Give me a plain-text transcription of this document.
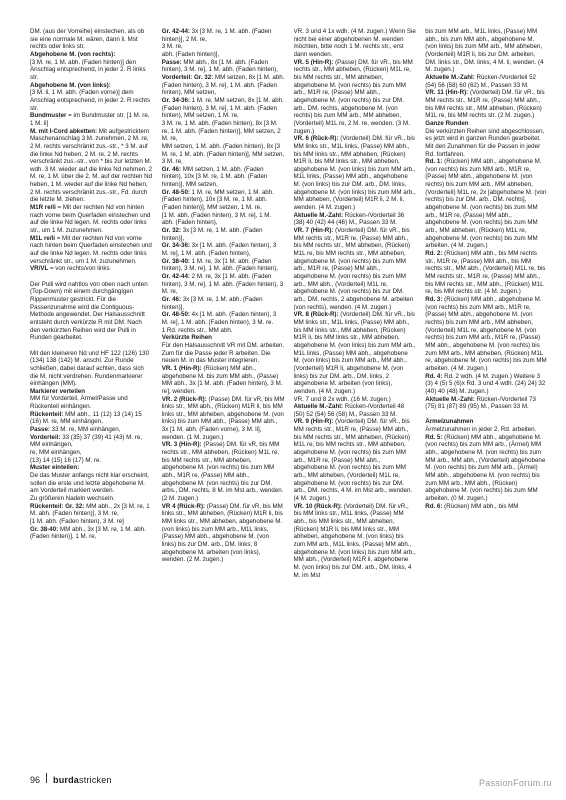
DM. (aus der Vorreihe) einstechen, als ob sie eine normale M. wären, dann li. Mst rechts oder links str.

Abgehobene M. (von rechts):

[3 M. re, 1 M. abh. (Faden hinten)] den Anschlag entsprechend, in jeder 2. R links str.

Abgehobene M. (von links):

[3 M. li, 1 M. abh. (Faden vorne)] dem Anschlag entsprechend, in jeder 2. R rechts str.

Bundmuster = im Bundmuster str. [1 M. re, 1 M. li]

M. mit I-Cord abketten: Mit aufgestricktem Maschenanschlag 3 M. zunehmen, 2 M. re, 2 M. rechts verschränkt zus.-str., * 3 M. auf die linke Nd heben, 2 M. re, 2 M. rechts verschränkt zus.-str., von * bis zur letzten M. wdh. 3 M. wieder auf die linke Nd nehmen, 2 M. re, 1 M. über die 2. M. auf der rechten Nd heben, 1 M. wieder auf die linke Nd heben, 2 M. rechts verschränkt zus.-str., Fd. durch die letzte M. ziehen.

M1R re/li = Mit der rechten Nd von hinten nach vorne beim Querfaden einstechen und auf die linke Nd legen. M. rechts oder links str., um 1 M. zuzunehmen.

M1L re/li = Mit der rechten Nd von vorne nach hinten beim Querfaden einstechen und auf die linke Nd legen. M. rechts oder links verschränkt str., um 1 M. zuzunehmen.

VR/VL = von rechts/von links

Der Pulli wird nahtlos von oben nach unten (Top-Down) mit einem durchgängigen Rippenmuster gestrickt. Für die Passenzunahme wird die Contiguous-Methode angewendet. Der Halsausschnitt entsteht durch verkürzte R mit DM. Nach den verkürzten Reihen wird der Pulli in Runden gearbeitet.

Mit den kleineren Nd und HF 122 (126) 130 (134) 138 (142) M. anschl. Zur Runde schließen, dabei darauf achten, dass sich die M. nicht verdrehen. Rundenmarkierer einhängen (MM).

Markierer verteilen

MM für Vorderteil, Ärmel/Passe und Rückenteil einhängen.

Rückenteil: MM abh., 11 (12) 13 (14) 15 (16) M. re, MM einhängen,

Passe: 33 M. re, MM einhängen,

Vorderteil: 33 (35) 37 (39) 41 (43) M. re, MM einhängen,

re, MM einhängen,

(13) 14 (15) 16 (17) M. re.

Muster einteilen:

De das Muster anfangs nicht klar erscheint, sollen die erste und letzte abgehobene M. am Vorderteil markiert werden.

Zu größeren Nadeln wechseln.

Rückenteil: Gr. 32: MM abh., 2x [3 M. re, 1 M. abh. (Faden hinten)], 3 M. re,

[1 M. abh. (Faden hinten), 3 M. re]

Gr. 38-40: MM abh., 3x [3 M. re, 1 M. abh. (Faden hinten)], 1 M. re,

Gr. 42-44: 3x [3 M. re, 1 M. abh. (Faden hinten)], 2 M. re,

3 M. re,

abh. (Faden hinten)],

Passe: MM abh., 8x [1 M. abh. (Faden hinten), 3 M. re], 1 M. abh. (Faden hinten),

Vorderteil: Gr. 32: MM setzen, 8x [1 M. abh. (Faden hinten), 3 M. re], 1 M. abh. (Faden hinten), MM setzen,

Gr. 34-36: 1 M. re, MM setzen, 8x [1 M. abh. (Faden hinten), 3 M. re], 1 M. abh. (Faden hinten), MM setzen, 1 M. re,

3 M. re, 1 M. abh. (Faden hinten), 8x [3 M. re, 1 M. abh. (Faden hinten)], MM setzen, 2 M. re,

MM setzen, 1 M. abh. (Faden hinten), 8x [3 M. re, 1 M. abh. (Faden hinten)], MM setzen, 3 M. re,

Gr. 46: MM setzen, 1 M. abh. (Faden hinten), 10x [3 M. re, 1 M. abh. (Faden hinten)], MM setzen,

Gr. 48-50: 1 M. re, MM setzen, 1 M. abh. (Faden hinten), 10x [3 M. re, 1 M. abh. (Faden hinten)], MM setzen, 1 M. re,

[1 M. abh. (Faden hinten), 3 M. re], 1 M. abh. (Faden hinten),

Gr. 32: 3x [3 M. re, 1 M. abh. (Faden hinten)],

Gr. 34-36: 3x [1 M. abh. (Faden hinten), 3 M. re], 1 M. abh. (Faden hinten),

Gr. 38-40: 1 M. re, 3x [1 M. abh. (Faden hinten), 3 M. re], 1 M. abh. (Faden hinten),

Gr. 42-44: 2 M. re, 3x [1 M. abh. (Faden hinten), 3 M. re], 1 M. abh. (Faden hinten), 3 M. re,

Gr. 46: 3x [3 M. re, 1 M. abh. (Faden hinten)],

Gr. 48-50: 4x [1 M. abh. (Faden hinten), 3 M. re], 1 M. abh. (Faden hinten), 3 M. re.

1 Rd. rechts str., MM abh.

Verkürzte Reihen

Für den Halsausschnitt VR mit DM. arbeiten. Zum für die Passe jeder R arbeiten. Die neuen M. in das Muster integrieren.

VR. 1 (Hin-R): (Rücken) MM abh., abgehobene M. bis zum MM abh., (Passe) MM abh., 3x [1 M. abh. (Faden hinten), 3 M. re], wenden.

VR. 2 (Rück-R): (Passe) DM. für vR, bis MM links str., MM abh., (Rücken) M1R li, bis MM links str., MM abheben, abgehobene M. (von links) bis zum MM abh., (Passe) MM abh., 3x [1 M. abh. (Faden vorne), 3 M. li], wenden. (1 M. zugen.)

VR. 3 (Hin-R): (Passe) DM. für vR, bis MM rechts str., MM abheben, (Rücken) M1L re, bis MM rechts str., MM abheben, abgehobene M. (von rechts) bis zum MM abh., M1R re, (Passe) MM abh., abgehobene M. (von rechts) bis zur DM. arbs., DM. rechts, 8 M. im Mst arb., wenden. (2 M. zugen.)

VR 4 (Rück-R): (Passe) DM. für vR, bis MM links str., MM abheben, (Rücken) M1R li, bis MM links str., MM abheben, abgehobene M. (von links) bis zum MM arb., M1L links, (Passe) MM abh., abgehobene M. (von links) bis zur DM. arb., DM. links, 8 abgehobene M. arbeiten (von links), wenden. (2 M. zugen.)

VR. 3 und 4 1x wdh. (4 M. zugen.) Wenn Sie nicht bei einer abgehobenen M. wenden möchten, bitte noch 1 M. rechts str., erst dann wenden.

VR. 5 (Hin-R): (Passe) DM. für vR., bis MM rechts str., MM abheben, (Rücken) M1L re, bis MM rechts str., MM abheben, abgehobene M. (von rechts) bis zum MM arb., M1R re, (Passe) MM abh., abgehobene M. (von rechts) bis zur DM. arb., DM. rechts, abgehobene M. (von rechts) bis zum MM arb., MM abheben, (Vorderteil) M1L re, 2 M. re, wenden. (3 M. zugen.)

VR. 6 (Rück-R): (Vorderteil) DM. für vR., bis MM links str., M1L links, (Passe) MM abh., bis MM links str., MM abheben, (Rücken) M1R li, bis MM links str., MM abheben, abgehobene M. (von links) bis zum MM arb., M1L links, (Passe) MM abh., abgehobene M. (von links) bis zur DM. arb., DM. links, abgehobene M. (von links) bis zum MM arb., MM abheben, (Vorderteil) M1R li, 2 M. li, wenden. (4 M. zugen.)

Aktuelle M.-Zahl: Rücken-/Vorderteil 36 (38) 40 (42) 44 (46) M., Passen 33 M.

VR. 7 (Hin-R): (Vorderteil) DM. für vR., bis MM rechts str., M1R re, (Passe) MM abh., bis MM rechts str., MM abheben, (Rücken) M1L re, bis MM rechts str., MM abheben, abgehobene M. (von rechts) bis zum MM arb., M1R re, (Passe) MM abh., abgehobene M. (von rechts) bis zum MM arb., MM abh., (Vorderteil) M1L re, abgehobene M. (von rechts) bis zur DM. arb., DM. rechts, 2 abgehobene M. arbeiten (von rechts), wenden. (4 M. zugen.)

VR. 8 (Rück-R): (Vorderteil) DM. für vR., bis MM links str., M1L links, (Passe) MM abh., bis MM links str., MM abheben, (Rücken) M1R li, bis MM links str., MM abheben, abgehobene M. (von links) bis zum MM arb., M1L links, (Passe) MM abh., abgehobene M. (von links) bis zum MM arb., MM abh., (Vorderteil) M1R li, abgehobene M. (von links) bis zur DM. arb., DM. links, 2 abgehobene M. arbeiten (von links), wenden. (4 M. zugen.)

VR. 7 und 8 2x wdh. (16 M. zugen.)

Aktuelle M.-Zahl: Rücken-/Vorderteil 48 (50) 52 (54) 56 (58) M., Passen 33 M.

VR. 9 (Hin-R): (Vorderteil) DM. für vR., bis MM rechts str., M1R re, (Passe) MM abh., bis MM rechts str., MM abheben, (Rücken) M1L re, bis MM rechts str., MM abheben, abgehobene M. (von rechts) bis zum MM arb., M1R re, (Passe) MM abh., abgehobene M. (von rechts) bis zum MM arb., MM abheben, (Vorderteil) M1L re, abgehobene M. (von rechts) bis zur DM. arb., DM. rechts, 4 M. im Mst arb., wenden. (4 M. zugen.)

VR. 10 (Rück-R): (Vorderteil) DM. für vR., bis MM links str., M1L links, (Passe) MM abh., bis MM links str., MM abheben, (Rücken) M1R li, bis MM links str., MM abheben, abgehobene M. (von links) bis zum MM arb., M1L links, (Passe) MM abh., abgehobene M. (von links) bis zum MM arb., MM abh., (Vorderteil) M1R li, abgehobene M. (von links) bis zur DM. arb., DM. links, 4 M. im Mst

bis zum MM arb., M1L links, (Passe) MM abh., bis zum MM abh., abgehobene M. (von links) bis zum MM arb., MM abheben, (Vorderteil) M1R li, bis zur DM. arbeiten, DM. links str., DM. links, 4 M. li, wenden. (4 M. zugen.)

Aktuelle M.-Zahl: Rücken-/Vorderteil 52 (54) 56 (58) 60 (62) M., Passen 33 M.

VR. 11 (Hin-R): (Vorderteil) DM. für vR., bis MM rechts str., M1R re, (Passe) MM abh., bis MM rechts str., MM abheben, (Rücken) M1L re, bis MM rechts str. (2 M. zugen.)

Ganze Runden

Die verkürzten Reihen sind abgeschlossen, es jetzt wird in ganzen Runden gearbeitet. Mit den Zunahmen für die Passen in jeder Rd. fortfahren.

Rd. 1: (Rücken) MM abh., abgehobene M. (von rechts) bis zum MM arb., M1R re, (Passe) MM abh., abgehobene M. (von rechts) bis zum MM arb., MM abheben, (Vorderteil) M1L re, 2x [abgehobene M. (von rechts) bis zur DM. arb., DM. rechts], abgehobene M. (von rechts) bis zum MM arb., M1R re, (Passe) MM abh., abgehobene M. (von rechts) bis zum MM arb., MM abheben, (Rücken) M1L re, abgehobene M. (von rechts) bis zum MM arbeiten. (4 M. zugen.)

Rd. 2: (Rücken) MM abh., bis MM rechts str., M1R re, (Passe) MM abh., bis MM rechts str., MM abh., (Vorderteil) M1L re, bis MM rechts str., M1R re, (Passe) MM abh., bis MM rechts str., MM abh., (Rücken) M1L re, bis MM rechts str. (4 M. zugen.)

Rd. 3: (Rücken) MM abh., abgehobene M. (von rechts) bis zum MM arb., M1R re, (Passe) MM abh., abgehobene M. (von rechts) bis zum MM arb., MM abheben, (Vorderteil) M1L re, abgehobene M. (von rechts) bis zum MM arb., M1R re, (Passe) MM abh., abgehobene M. (von rechts) bis zum MM arb., MM abheben, (Rücken) M1L re, abgehobene M. (von rechts) bis zum MM arbeiten. (4 M. zugen.)

Rd. 4: Rd. 2 wdh. (4 M. zugen.) Weitere 3 (3) 4 (5) 5 (6)x Rd. 3 und 4 wdh. (24) 24) 32 (40) 40 (48) M. zugen.)

Aktuelle M.-Zahl: Rücken-/Vorderteil 73 (75) 81 (87) 89 (95) M., Passen 33 M.

Ärmelzunahmen

Ärmelzunahmen in jeder 2. Rd. arbeiten.

Rd. 5: (Rücken) MM abh., abgehobene M. (von rechts) bis zum MM arb., (Ärmel) MM abh., abgehobene M. (von rechts) bis zum MM arb., MM abh., (Vorderteil) abgehobene M. (von rechts) bis zum MM arb., (Ärmel) MM abh., abgehobene M. (von rechts) bis zum MM arb., MM abh., (Rücken) abgehobene M. (von rechts) bis zum MM arbeiten. (0 M. zugen.)

Rd. 6: (Rücken) MM abh., bis MM

96 burdastricken	PassionForum.ru
